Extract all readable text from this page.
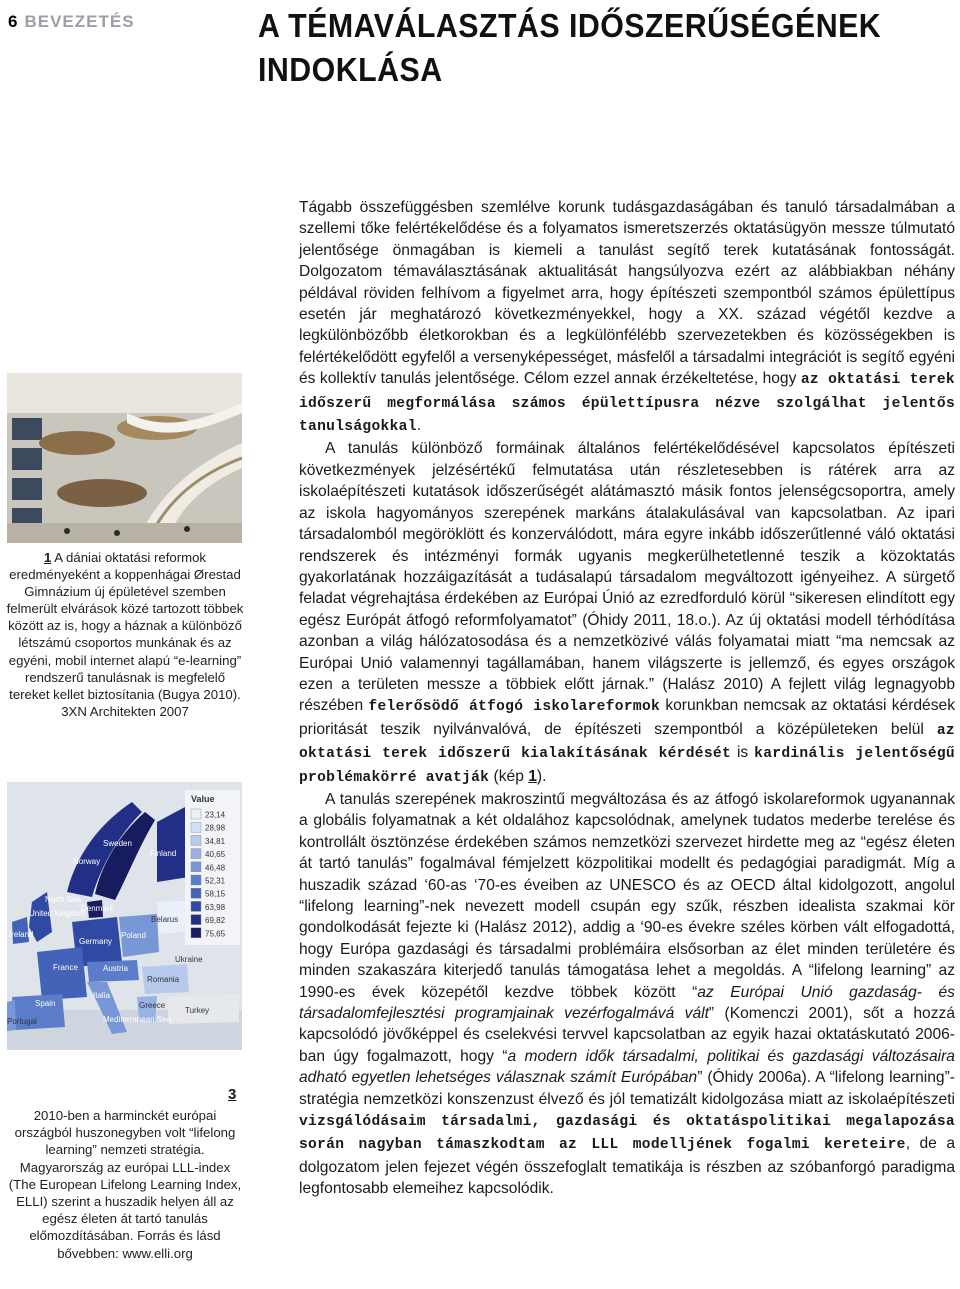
6 BEVEZETÉS	A TÉMAVÁLASZTÁS IDŐSZERŰSÉGÉNEK INDOKLÁSA
1 A dániai oktatási reformok eredményeként a koppenhágai Ørestad Gimnázium új épületével szemben felmerült elvárások közé tartozott többek között az is, hogy a háznak a különböző létszámú csoportos munkának és az egyéni, mobil internet alapú “e-learning” rendszerű tanulásnak is megfelelő tereket kellet biztosítania (Bugya 2010). 3XN Architekten 2007
Sweden
Finland
Norway
North Sea
Denmark
United Kingdom
Ireland
Belarus
Poland
Germany
Ukraine
France	Austria
Romania
Italia
Spain
Portugal
Greece
Turkey
Mediterranean Sea
Value
23,14
28,98
34,81
40,65
46,48
52,31
58,15
63,98
69,82
75,65
3
2010-ben a harminckét európai országból huszonegyben volt “lifelong learning” nemzeti stratégia. Magyarország az európai LLL-index (The European Lifelong Learning Index, ELLI) szerint a huszadik helyen áll az egész életen át tartó tanulás előmozdításában. Forrás és lásd bővebben: www.elli.org

Tágabb összefüggésben szemlélve korunk tudásgazdaságában és tanuló társadalmában a szellemi tőke felértékelődése és a folyamatos ismeretszerzés oktatásügyön messze túlmutató jelentősége önmagában is kiemeli a tanulást segítő terek kutatásának fontosságát. Dolgozatom témaválasztásának aktualitását hangsúlyozva ezért az alábbiakban néhány példával röviden felhívom a figyelmet arra, hogy építészeti szempontból számos épülettípus esetén jár meghatározó következményekkel, hogy a XX. század végétől kezdve a legkülönbözőbb életkorokban és a legkülönfélébb szervezetekben és közösségekben is felértékelődött egyfelől a versenyképességet, másfelől a társadalmi integrációt is segítő egyéni és kollektív tanulás jelentősége. Célom ezzel annak érzékeltetése, hogy az oktatási terek időszerű megformálása számos épülettípusra nézve szolgálhat jelentős tanulságokkal.

A tanulás különböző formáinak általános felértékelődésével kapcsolatos építészeti következmények jelzésértékű felmutatása után részletesebben is rátérek arra az iskolaépítészeti kutatások időszerűségét alátámasztó másik fontos jelenségcsoportra, amely az iskola hagyományos szerepének markáns átalakulásával van kapcsolatban. Az ipari társadalomból megöröklött és konzerválódott, mára egyre inkább időszerűtlenné váló oktatási rendszerek és intézményi formák ugyanis megkerülhetetlenné teszik a közoktatás gyakorlatának hozzáigazítását a tudásalapú társadalom megváltozott igényeihez. A sürgető feladat végrehajtása érdekében az Európai Únió az ezredforduló körül “sikeresen elindított egy egész Európát átfogó reformfolyamatot” (Óhidy 2011, 18.o.). Az új oktatási modell térhódítása azonban a világ hálózatosodása és a nemzetközivé válás folyamatai miatt “ma nemcsak az Európai Unió valamennyi tagállamában, hanem világszerte is jellemző, és egyes országok ezen a területen messze a többiek előtt járnak.” (Halász 2010) A fejlett világ legnagyobb részében felerősödő átfogó iskolareformok korunkban nemcsak az oktatási kérdések prioritását teszik nyilvánvalóvá, de építészeti szempontból a középületeken belül az oktatási terek időszerű kialakításának kérdését is kardinális jelentőségű problémakörré avatják (kép 1).

A tanulás szerepének makroszintű megváltozása és az átfogó iskolareformok ugyanannak a globális folyamatnak a két oldalához kapcsolódnak, amelynek tudatos mederbe terelése és kontrollált ösztönzése érdekében számos nemzetközi szervezet hirdette meg az “egész életen át tartó tanulás” fogalmával fémjelzett közpolitikai modellt és pedagógiai paradigmát. Míg a huszadik század ‘60-as ‘70-es éveiben az UNESCO és az OECD által kidolgozott, angolul “lifelong learning”-nek nevezett modell csupán egy szűk, részben idealista szakmai kör gondolkodását fejezte ki (Halász 2012), addig a ‘90-es évekre széles körben vált elfogadottá, hogy Európa gazdasági és társadalmi problémáira elsősorban az élet minden területére és minden szakaszára kiterjedő tanulás támogatása lehet a megoldás. A “lifelong learning” az 1990-es évek közepétől kezdve többek között “az Európai Unió gazdaság- és társadalomfejlesztési programjainak vezérfogalmává vált” (Komenczi 2001), sőt a hozzá kapcsolódó jövőképpel és cselekvési tervvel kapcsolatban az egyik hazai oktatáskutató 2006-ban úgy fogalmazott, hogy “a modern idők társadalmi, politikai és gazdasági változásaira adható egyetlen lehetséges válasznak számít Európában” (Óhidy 2006a). A “lifelong learning”-stratégia nemzetközi konszenzust élvező és jól tematizált kidolgozása miatt az iskolaépítészeti vizsgálódásaim társadalmi, gazdasági és oktatáspolitikai megalapozása során nagyban támaszkodtam az LLL modelljének fogalmi kereteire, de a dolgozatom jelen fejezet végén összefoglalt tematikája is részben az szóbanforgó paradigma legfontosabb elemeihez kapcsolódik.
